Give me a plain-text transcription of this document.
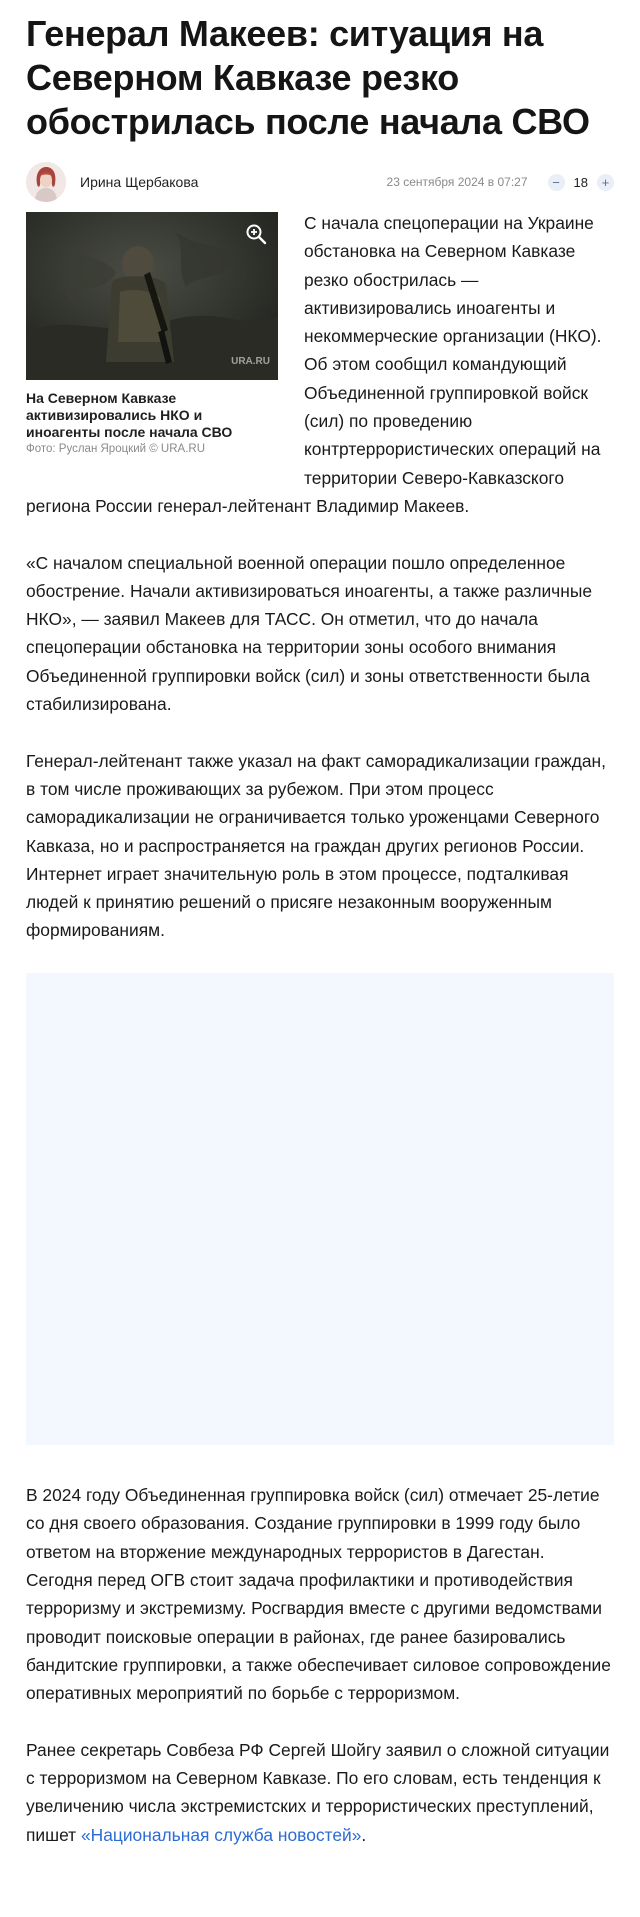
Генерал Макеев: ситуация на Северном Кавказе резко обострилась после начала СВО
Ирина Щербакова	23 сентября 2024 в 07:27	−	18	+
URA.RU
На Северном Кавказе активизировались НКО и иноагенты после начала СВО
Фото: Руслан Яроцкий © URA.RU

С начала спецоперации на Украине обстановка на Северном Кавказе резко обострилась — активизировались иноагенты и некоммерческие организации (НКО). Об этом сообщил командующий Объединенной группировкой войск (сил) по проведению контртеррористических операций на территории Северо-Кавказского региона России генерал-лейтенант Владимир Макеев.

«С началом специальной военной операции пошло определенное обострение. Начали активизироваться иноагенты, а также различные НКО», — заявил Макеев для ТАСС. Он отметил, что до начала спецоперации обстановка на территории зоны особого внимания Объединенной группировки войск (сил) и зоны ответственности была стабилизирована.

Генерал-лейтенант также указал на факт саморадикализации граждан, в том числе проживающих за рубежом. При этом процесс саморадикализации не ограничивается только уроженцами Северного Кавказа, но и распространяется на граждан других регионов России. Интернет играет значительную роль в этом процессе, подталкивая людей к принятию решений о присяге незаконным вооруженным формированиям.

В 2024 году Объединенная группировка войск (сил) отмечает 25-летие со дня своего образования. Создание группировки в 1999 году было ответом на вторжение международных террористов в Дагестан. Сегодня перед ОГВ стоит задача профилактики и противодействия терроризму и экстремизму. Росгвардия вместе с другими ведомствами проводит поисковые операции в районах, где ранее базировались бандитские группировки, а также обеспечивает силовое сопровождение оперативных мероприятий по борьбе с терроризмом.

Ранее секретарь Совбеза РФ Сергей Шойгу заявил о сложной ситуации с терроризмом на Северном Кавказе. По его словам, есть тенденция к увеличению числа экстремистских и террористических преступлений, пишет «Национальная служба новостей».
